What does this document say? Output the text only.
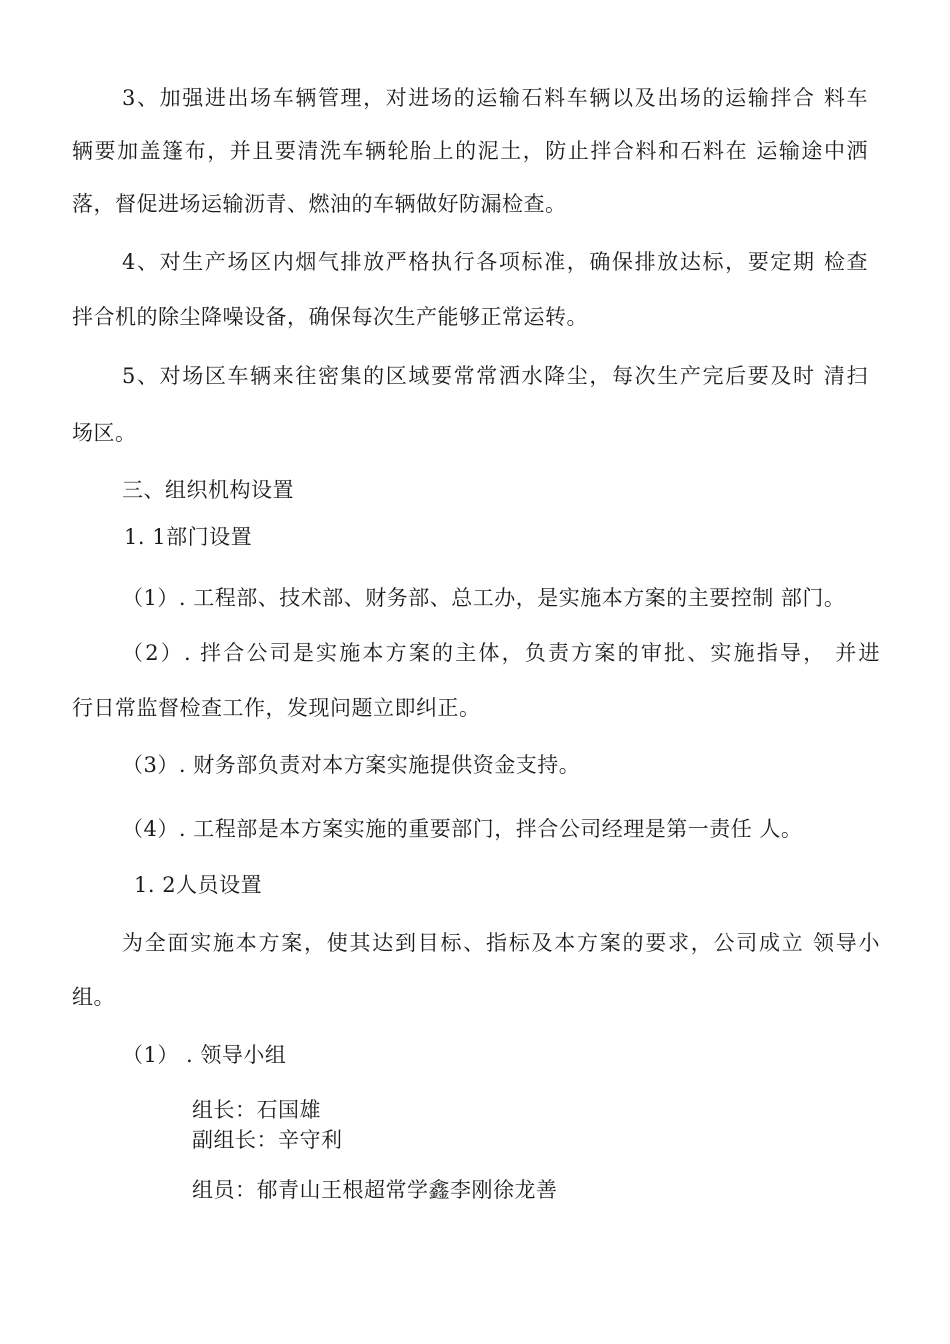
3、加强进出场车辆管理，对进场的运输石料车辆以及出场的运输拌合 料车
辆要加盖篷布，并且要清洗车辆轮胎上的泥土，防止拌合料和石料在 运输途中洒
落，督促进场运输沥青、燃油的车辆做好防漏检查。
4、对生产场区内烟气排放严格执行各项标准，确保排放达标，要定期 检查
拌合机的除尘降噪设备，确保每次生产能够正常运转。
5、对场区车辆来往密集的区域要常常洒水降尘，每次生产完后要及时 清扫
场区。
三、组织机构设置
1. 1部门设置
（1）. 工程部、技术部、财务部、总工办，是实施本方案的主要控制 部门。
（2）. 拌合公司是实施本方案的主体，负责方案的审批、实施指导， 并进
行日常监督检查工作，发现问题立即纠正。
（3）. 财务部负责对本方案实施提供资金支持。
（4）. 工程部是本方案实施的重要部门，拌合公司经理是第一责任 人。
1. 2人员设置
为全面实施本方案，使其达到目标、指标及本方案的要求，公司成立 领导小
组。
（1） . 领导小组
组长：石国雄
副组长：辛守利
组员：郁青山王根超常学鑫李刚徐龙善
